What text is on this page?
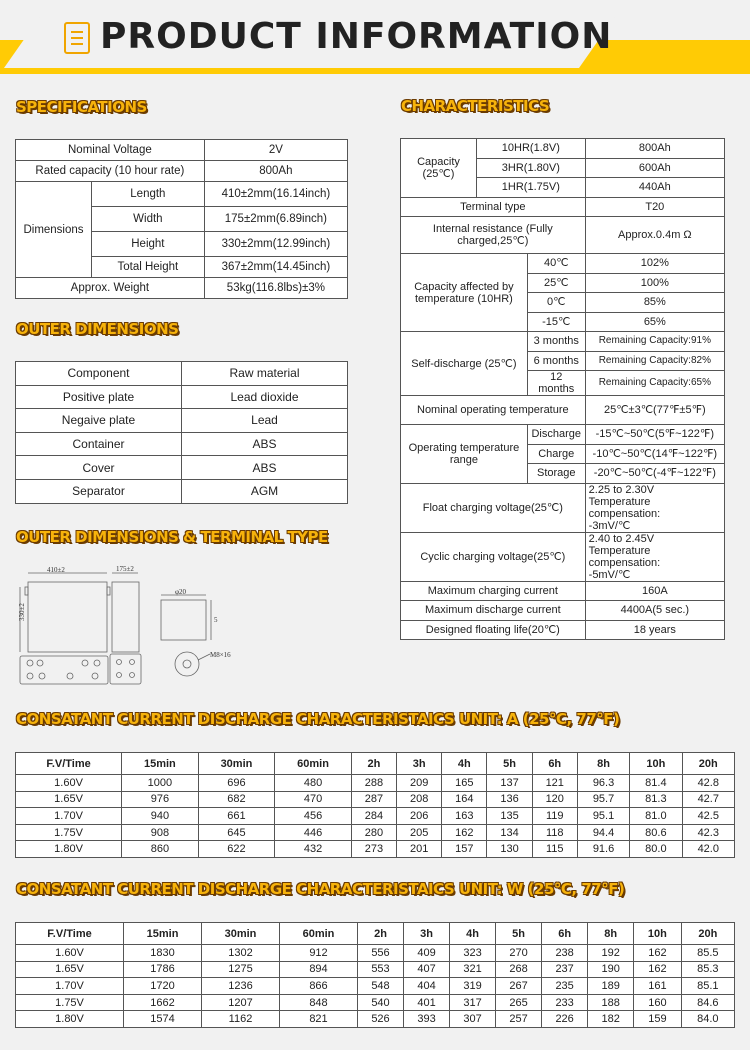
PRODUCT INFORMATION
SPECIFICATIONS
Nominal Voltage		2V
Rated capacity (10 hour rate)		800Ah
Dimensions	Length	410±2mm(16.14inch)
	Width	175±2mm(6.89inch)
	Height	330±2mm(12.99inch)
	Total Height	367±2mm(14.45inch)
Approx. Weight		53kg(116.8lbs)±3%
OUTER DIMENSIONS
Component	Raw material
Positive plate	Lead dioxide
Negaive plate	Lead
Container	ABS
Cover	ABS
Separator	AGM
OUTER DIMENSIONS & TERMINAL TYPE
410±2
330±2
175±2
φ20
5
M8×16
CHARACTERISTICS
Capacity (25℃)	10HR(1.8V)		800Ah
	3HR(1.80V)		600Ah
	1HR(1.75V)		440Ah
Terminal type			T20
Internal resistance (Fully charged,25℃)			Approx.0.4m Ω
Capacity affected by temperature (10HR)		40℃	102%
		25℃	100%
		0℃	85%
		-15℃	65%
Self-discharge (25℃)		3 months	Remaining Capacity:91%
		6 months	Remaining Capacity:82%
		12 months	Remaining Capacity:65%
Nominal operating temperature			25℃±3℃(77℉±5℉)
Operating temperature range		Discharge	-15℃~50℃(5℉~122℉)
		Charge	-10℃~50℃(14℉~122℉)
		Storage	-20℃~50℃(-4℉~122℉)
Float charging voltage(25℃)			2.25 to 2.30V
Temperature compensation:
-3mV/℃

Cyclic charging voltage(25℃)			2.40 to 2.45V
Temperature compensation:
-5mV/℃

Maximum charging current			160A
Maximum discharge current			4400A(5 sec.)
Designed floating life(20℃)			18 years
CONSATANT CURRENT DISCHARGE CHARACTERISTAICS UNIT: A (25°C, 77°F)
F.V/Time	15min	30min	60min	2h	3h	4h	5h	6h	8h	10h	20h
1.60V	1000	696	480	288	209	165	137	121	96.3	81.4	42.8
1.65V	976	682	470	287	208	164	136	120	95.7	81.3	42.7
1.70V	940	661	456	284	206	163	135	119	95.1	81.0	42.5
1.75V	908	645	446	280	205	162	134	118	94.4	80.6	42.3
1.80V	860	622	432	273	201	157	130	115	91.6	80.0	42.0
CONSATANT CURRENT DISCHARGE CHARACTERISTAICS UNIT: W (25°C, 77°F)
F.V/Time	15min	30min	60min	2h	3h	4h	5h	6h	8h	10h	20h
1.60V	1830	1302	912	556	409	323	270	238	192	162	85.5
1.65V	1786	1275	894	553	407	321	268	237	190	162	85.3
1.70V	1720	1236	866	548	404	319	267	235	189	161	85.1
1.75V	1662	1207	848	540	401	317	265	233	188	160	84.6
1.80V	1574	1162	821	526	393	307	257	226	182	159	84.0
